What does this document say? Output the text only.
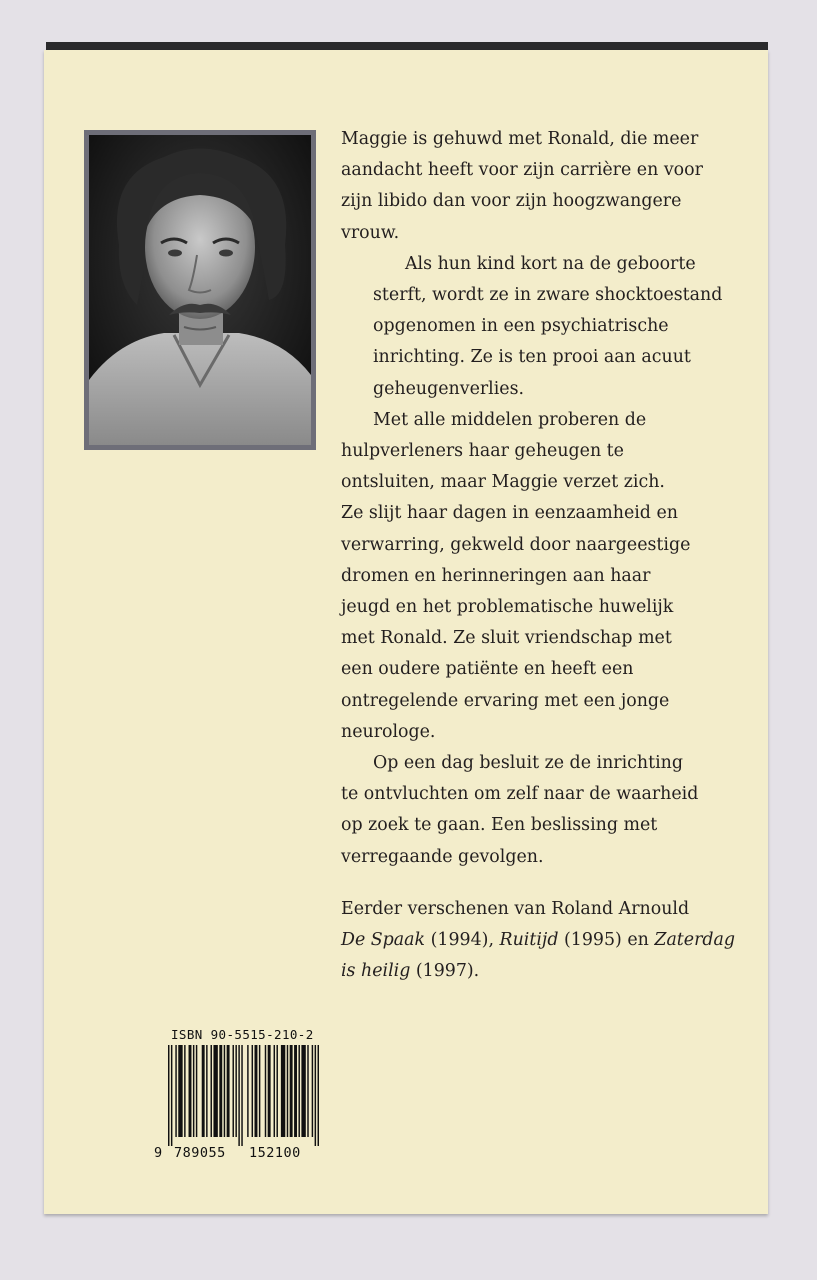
Maggie is gehuwd met Ronald, die meer
aandacht heeft voor zijn carrière en voor
zijn libido dan voor zijn hoogzwangere
vrouw.

Als hun kind kort na de geboorte
sterft, wordt ze in zware shocktoestand
opgenomen in een psychiatrische
inrichting. Ze is ten prooi aan acuut
geheugenverlies.

Met alle middelen proberen de
hulpverleners haar geheugen te
ontsluiten, maar Maggie verzet zich.
Ze slijt haar dagen in eenzaamheid en
verwarring, gekweld door naargeestige
dromen en herinneringen aan haar
jeugd en het problematische huwelijk
met Ronald. Ze sluit vriendschap met
een oudere patiënte en heeft een
ontregelende ervaring met een jonge
neurologe.

Op een dag besluit ze de inrichting
te ontvluchten om zelf naar de waarheid
op zoek te gaan. Een beslissing met
verregaande gevolgen.

Eerder verschenen van Roland Arnould
De Spaak (1994), Ruitijd (1995) en Zaterdag
is heilig (1997).
ISBN 90-5515-210-2
9 789055 152100
